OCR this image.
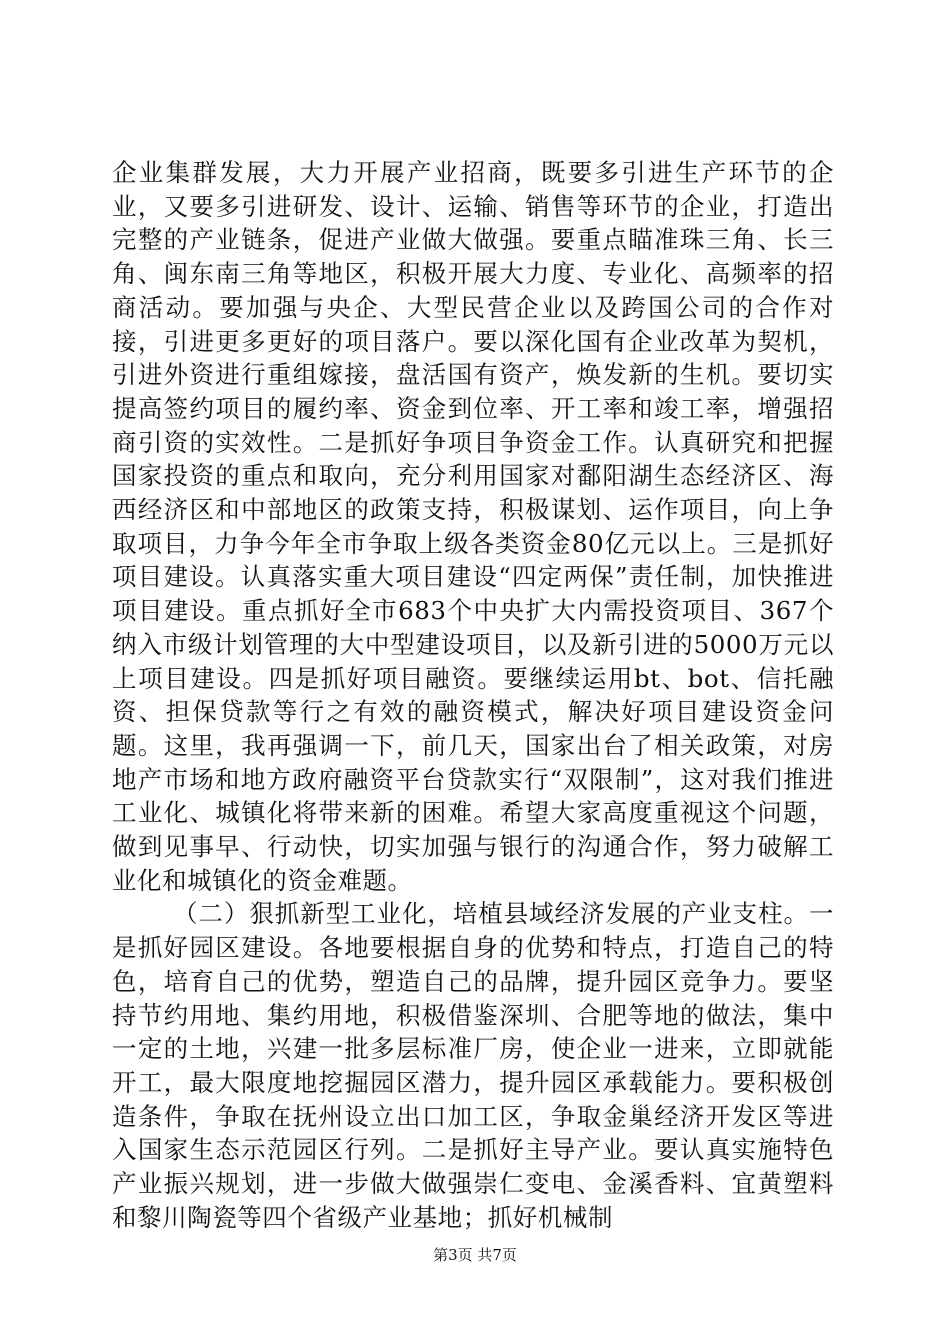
企业集群发展，大力开展产业招商，既要多引进生产环节的企业，又要多引进研发、设计、运输、销售等环节的企业，打造出完整的产业链条，促进产业做大做强。要重点瞄准珠三角、长三角、闽东南三角等地区，积极开展大力度、专业化、高频率的招商活动。要加强与央企、大型民营企业以及跨国公司的合作对接，引进更多更好的项目落户。要以深化国有企业改革为契机，引进外资进行重组嫁接，盘活国有资产，焕发新的生机。要切实提高签约项目的履约率、资金到位率、开工率和竣工率，增强招商引资的实效性。二是抓好争项目争资金工作。认真研究和把握国家投资的重点和取向，充分利用国家对鄱阳湖生态经济区、海西经济区和中部地区的政策支持，积极谋划、运作项目，向上争取项目，力争今年全市争取上级各类资金80亿元以上。三是抓好项目建设。认真落实重大项目建设“四定两保”责任制，加快推进项目建设。重点抓好全市683个中央扩大内需投资项目、367个纳入市级计划管理的大中型建设项目，以及新引进的5000万元以上项目建设。四是抓好项目融资。要继续运用bt、bot、信托融资、担保贷款等行之有效的融资模式，解决好项目建设资金问题。这里，我再强调一下，前几天，国家出台了相关政策，对房地产市场和地方政府融资平台贷款实行“双限制”，这对我们推进工业化、城镇化将带来新的困难。希望大家高度重视这个问题，做到见事早、行动快，切实加强与银行的沟通合作，努力破解工业化和城镇化的资金难题。

（二）狠抓新型工业化，培植县域经济发展的产业支柱。一是抓好园区建设。各地要根据自身的优势和特点，打造自己的特色，培育自己的优势，塑造自己的品牌，提升园区竞争力。要坚持节约用地、集约用地，积极借鉴深圳、合肥等地的做法，集中一定的土地，兴建一批多层标准厂房，使企业一进来，立即就能开工，最大限度地挖掘园区潜力，提升园区承载能力。要积极创造条件，争取在抚州设立出口加工区，争取金巢经济开发区等进入国家生态示范园区行列。二是抓好主导产业。要认真实施特色产业振兴规划，进一步做大做强崇仁变电、金溪香料、宜黄塑料和黎川陶瓷等四个省级产业基地；抓好机械制

第3页 共7页
